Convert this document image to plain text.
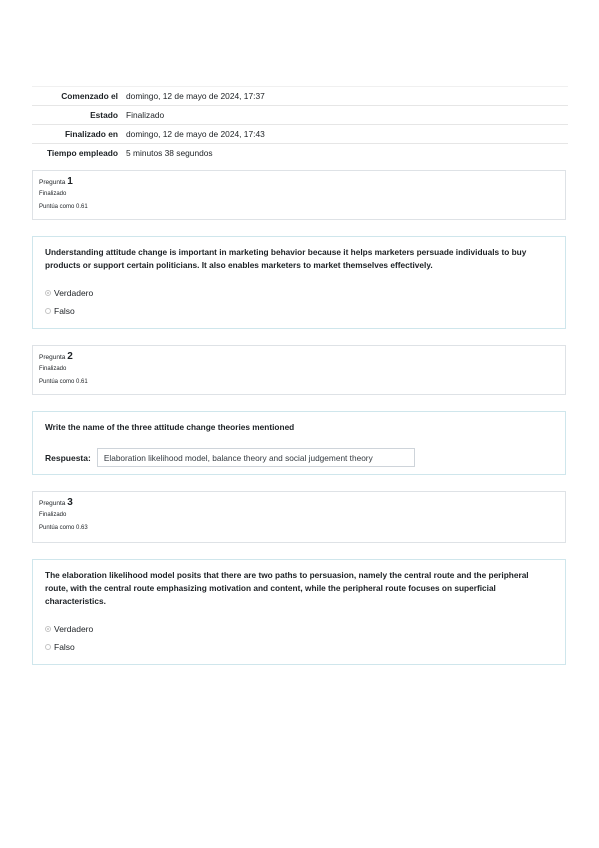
Comenzado el	domingo, 12 de mayo de 2024, 17:37
Estado	Finalizado
Finalizado en	domingo, 12 de mayo de 2024, 17:43
Tiempo empleado	5 minutos 38 segundos
Pregunta 1
Finalizado
Puntúa como 0.61
Understanding attitude change is important in marketing behavior because it helps marketers persuade individuals to buy products or support certain politicians. It also enables marketers to market themselves effectively.
Verdadero
Falso
Pregunta 2
Finalizado
Puntúa como 0.61
Write the name of the three attitude change theories mentioned
Respuesta:	Elaboration likelihood model, balance theory and social judgement theory
Pregunta 3
Finalizado
Puntúa como 0.63
The elaboration likelihood model posits that there are two paths to persuasion, namely the central route and the peripheral route, with the central route emphasizing motivation and content, while the peripheral route focuses on superficial characteristics.
Verdadero
Falso
